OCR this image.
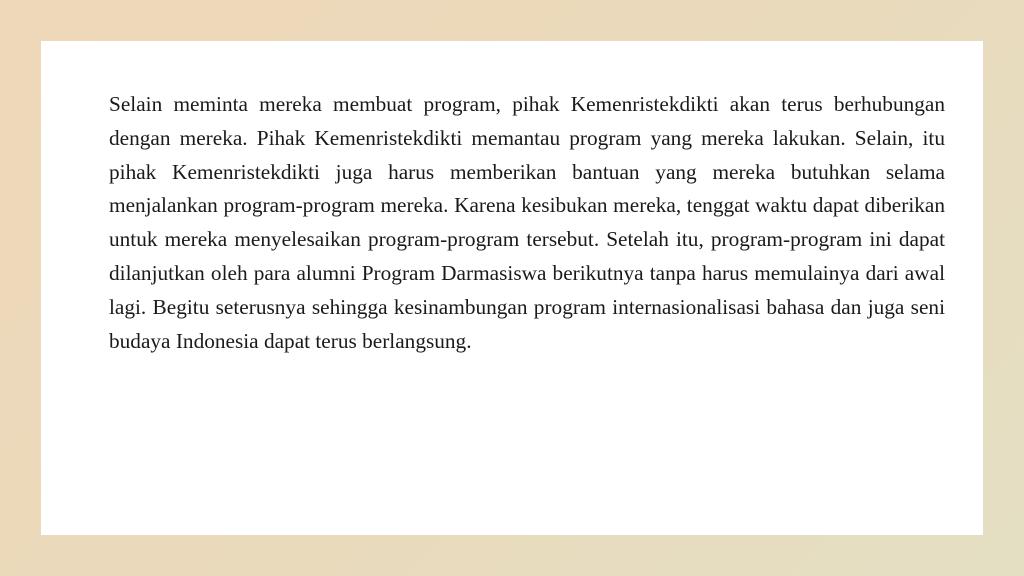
Selain meminta mereka membuat program, pihak Kemenristekdikti akan terus berhubungan dengan mereka. Pihak Kemenristekdikti memantau program yang mereka lakukan. Selain, itu pihak Kemenristekdikti juga harus memberikan bantuan yang mereka butuhkan selama menjalankan program-program mereka. Karena kesibukan mereka, tenggat waktu dapat diberikan untuk mereka menyelesaikan program-program tersebut. Setelah itu, program-program ini dapat dilanjutkan oleh para alumni Program Darmasiswa berikutnya tanpa harus memulainya dari awal lagi. Begitu seterusnya sehingga kesinambungan program internasionalisasi bahasa dan juga seni budaya Indonesia dapat terus berlangsung.
